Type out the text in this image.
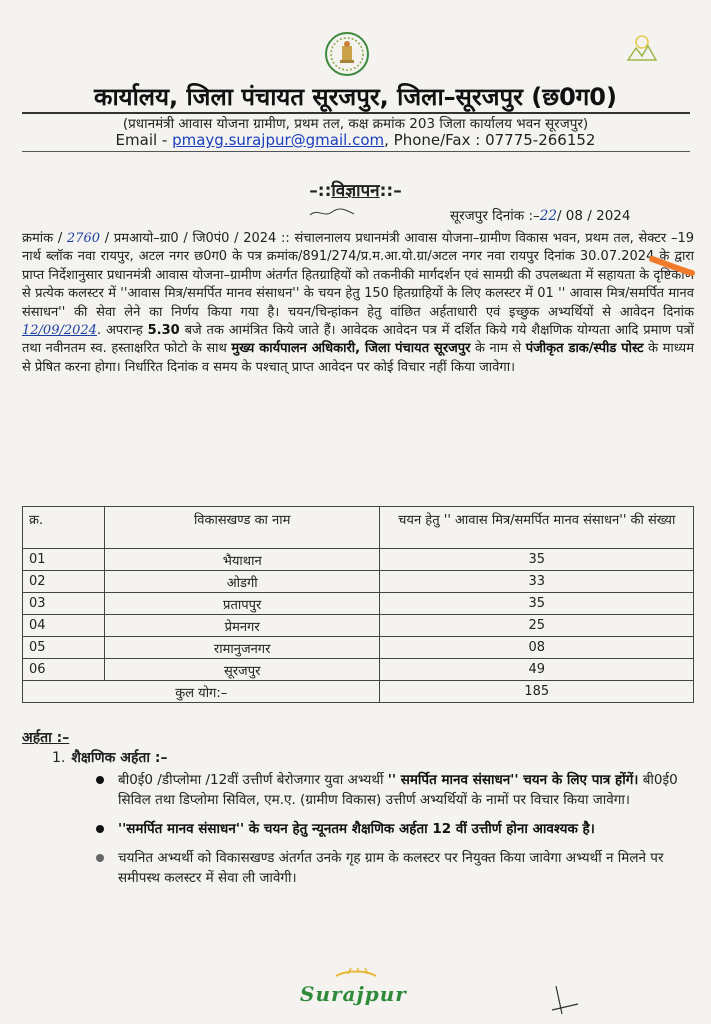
कार्यालय, जिला पंचायत सूरजपुर, जिला–सूरजपुर (छ0ग0)
(प्रधानमंत्री आवास योजना ग्रामीण, प्रथम तल, कक्ष क्रमांक 203 जिला कार्यालय भवन सूरजपुर)
Email - pmayg.surajpur@gmail.com, Phone/Fax : 07775-266152
–::विज्ञापन::–
सूरजपुर दिनांक :–22/ 08 / 2024

क्रमांक / 2760 / प्रमआयो–ग्रा0 / जि0पं0 / 2024 :: संचालनालय प्रधानमंत्री आवास योजना–ग्रामीण विकास भवन, प्रथम तल, सेक्टर –19 नार्थ ब्लॉक नवा रायपुर, अटल नगर छ0ग0 के पत्र क्रमांक/891/274/प्र.म.आ.यो.ग्रा/अटल नगर नवा रायपुर दिनांक 30.07.2024 के द्वारा प्राप्त निर्देशानुसार प्रधानमंत्री आवास योजना–ग्रामीण अंतर्गत हितग्राहियों को तकनीकी मार्गदर्शन एवं सामग्री की उपलब्धता में सहायता के दृष्टिकोण से प्रत्येक कलस्टर में ''आवास मित्र/समर्पित मानव संसाधन'' के चयन हेतु 150 हितग्राहियों के लिए कलस्टर में 01 '' आवास मित्र/समर्पित मानव संसाधन'' की सेवा लेने का निर्णय किया गया है। चयन/चिन्हांकन हेतु वांछित अर्हताधारी एवं इच्छुक अभ्यर्थियों से आवेदन दिनांक 12/09/2024. अपरान्ह 5.30 बजे तक आमंत्रित किये जाते हैं। आवेदक आवेदन पत्र में दर्शित किये गये शैक्षणिक योग्यता आदि प्रमाण पत्रों तथा नवीनतम स्व. हस्ताक्षरित फोटो के साथ मुख्य कार्यपालन अधिकारी, जिला पंचायत सूरजपुर के नाम से पंजीकृत डाक/स्पीड पोस्ट के माध्यम से प्रेषित करना होगा। निर्धारित दिनांक व समय के पश्चात् प्राप्त आवेदन पर कोई विचार नहीं किया जावेगा।

क्र.	विकासखण्ड का नाम	चयन हेतु '' आवास मित्र/समर्पित मानव संसाधन'' की संख्या
01	भैयाथान	35
02	ओडगी	33
03	प्रतापपुर	35
04	प्रेमनगर	25
05	रामानुजनगर	08
06	सूरजपुर	49
कुल योग:–		185
अर्हता :–
1. शैक्षणिक अर्हता :–
बी0ई0 /डीप्लोमा /12वीं उत्तीर्ण बेरोजगार युवा अभ्यर्थी '' समर्पित मानव संसाधन'' चयन के लिए पात्र होंगें। बी0ई0 सिविल तथा डिप्लोमा सिविल, एम.ए. (ग्रामीण विकास) उत्तीर्ण अभ्यर्थियों के नामों पर विचार किया जावेगा।
''समर्पित मानव संसाधन'' के चयन हेतु न्यूनतम शैक्षणिक अर्हता 12 वीं उत्तीर्ण होना आवश्यक है।
चयनित अभ्यर्थी को विकासखण्ड अंतर्गत उनके गृह ग्राम के कलस्टर पर नियुक्त किया जावेगा अभ्यर्थी न मिलने पर समीपस्थ कलस्टर में सेवा ली जावेगी।
Surajpur
